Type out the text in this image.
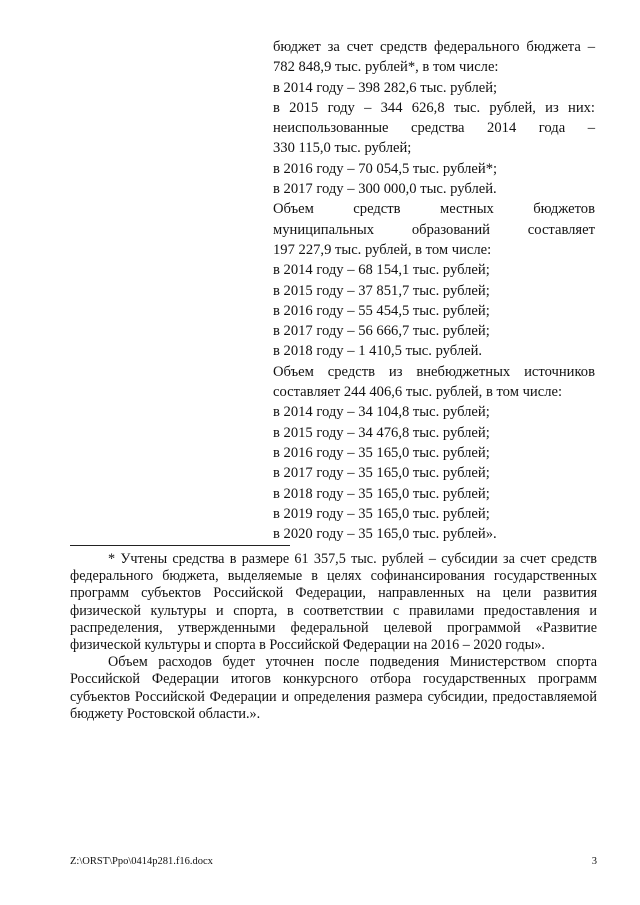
бюджет за счет средств федерального бюджета –

782 848,9 тыс. рублей*, в том числе:

в 2014 году – 398 282,6 тыс. рублей;

в 2015 году – 344 626,8 тыс. рублей, из них:

неиспользованные средства 2014 года –

330 115,0 тыс. рублей;

в 2016 году – 70 054,5 тыс. рублей*;

в 2017 году – 300 000,0 тыс. рублей.

Объем средств местных бюджетов

муниципальных образований составляет

197 227,9 тыс. рублей, в том числе:

в 2014 году – 68 154,1 тыс. рублей;

в 2015 году – 37 851,7 тыс. рублей;

в 2016 году – 55 454,5 тыс. рублей;

в 2017 году – 56 666,7 тыс. рублей;

в 2018 году – 1 410,5 тыс. рублей.

Объем средств из внебюджетных источников

составляет 244 406,6 тыс. рублей, в том числе:

в 2014 году – 34 104,8 тыс. рублей;

в 2015 году – 34 476,8 тыс. рублей;

в 2016 году – 35 165,0 тыс. рублей;

в 2017 году – 35 165,0 тыс. рублей;

в 2018 году – 35 165,0 тыс. рублей;

в 2019 году – 35 165,0 тыс. рублей;

в 2020 году – 35 165,0 тыс. рублей».

* Учтены средства в размере 61 357,5 тыс. рублей – субсидии за счет средств федерального бюджета, выделяемые в целях софинансирования государственных программ субъектов Российской Федерации, направленных на цели развития физической культуры и спорта, в соответствии с правилами предоставления и распределения, утвержденными федеральной целевой программой «Развитие физической культуры и спорта в Российской Федерации на 2016 – 2020 годы».

Объем расходов будет уточнен после подведения Министерством спорта Российской Федерации итогов конкурсного отбора государственных программ субъектов Российской Федерации и определения размера субсидии, предоставляемой бюджету Ростовской области.».

Z:\ORST\Ppo\0414p281.f16.docx	3
